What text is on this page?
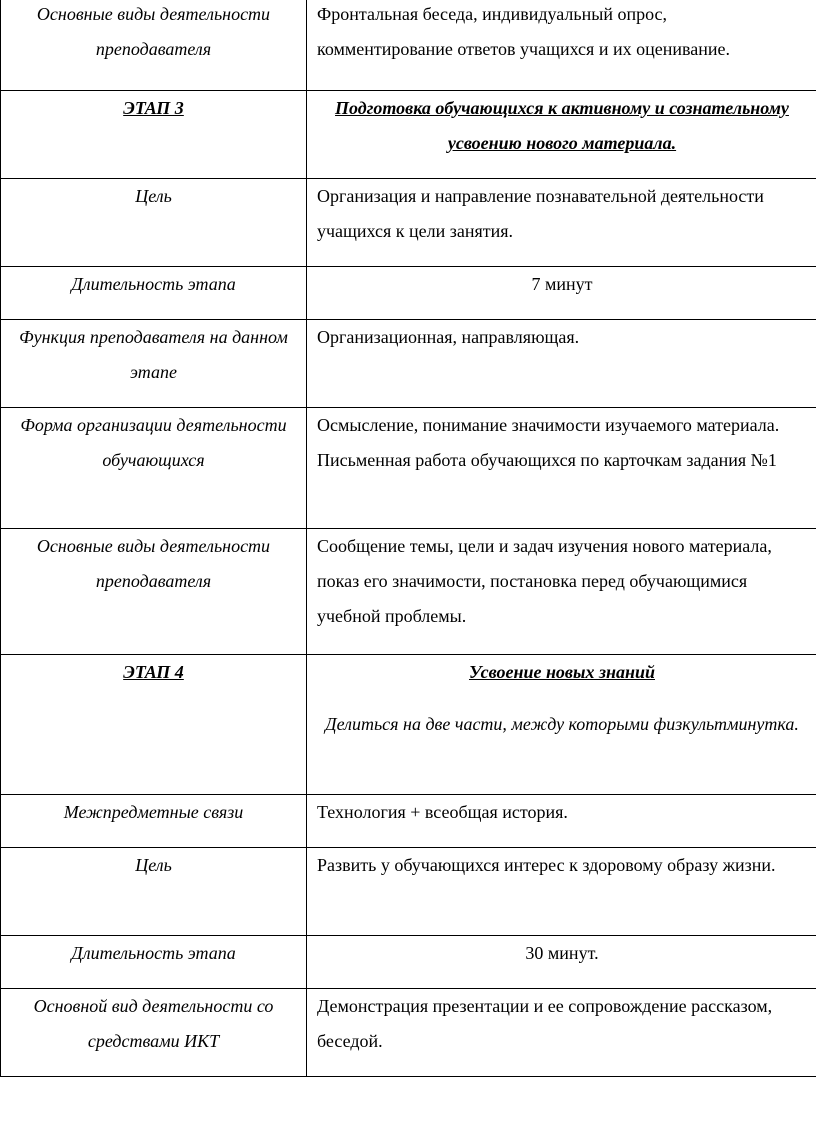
Основные виды деятельности преподавателя	Фронтальная беседа, индивидуальный опрос, комментирование ответов учащихся и их оценивание.

ЭТАП 3	Подготовка обучающихся к активному и сознательному усвоению нового материала.

Цель	Организация и направление познавательной деятельности учащихся к цели занятия.

Длительность этапа	7 минут

Функция преподавателя на данном этапе	Организационная, направляющая.

Форма организации деятельности обучающихся	Осмысление, понимание значимости изучаемого материала. Письменная работа обучающихся по карточкам задания №1

Основные виды деятельности преподавателя	Сообщение темы, цели и задач изучения нового материала, показ его значимости, постановка перед обучающимися учебной проблемы.

ЭТАП 4	Усвоение новых знаний
Делиться на две части, между которыми физкультминутка.

Межпредметные связи	Технология + всеобщая история.

Цель	Развить у обучающихся интерес к здоровому образу жизни.

Длительность этапа	30 минут.

Основной вид деятельности со средствами ИКТ	Демонстрация презентации и ее сопровождение рассказом, беседой.
